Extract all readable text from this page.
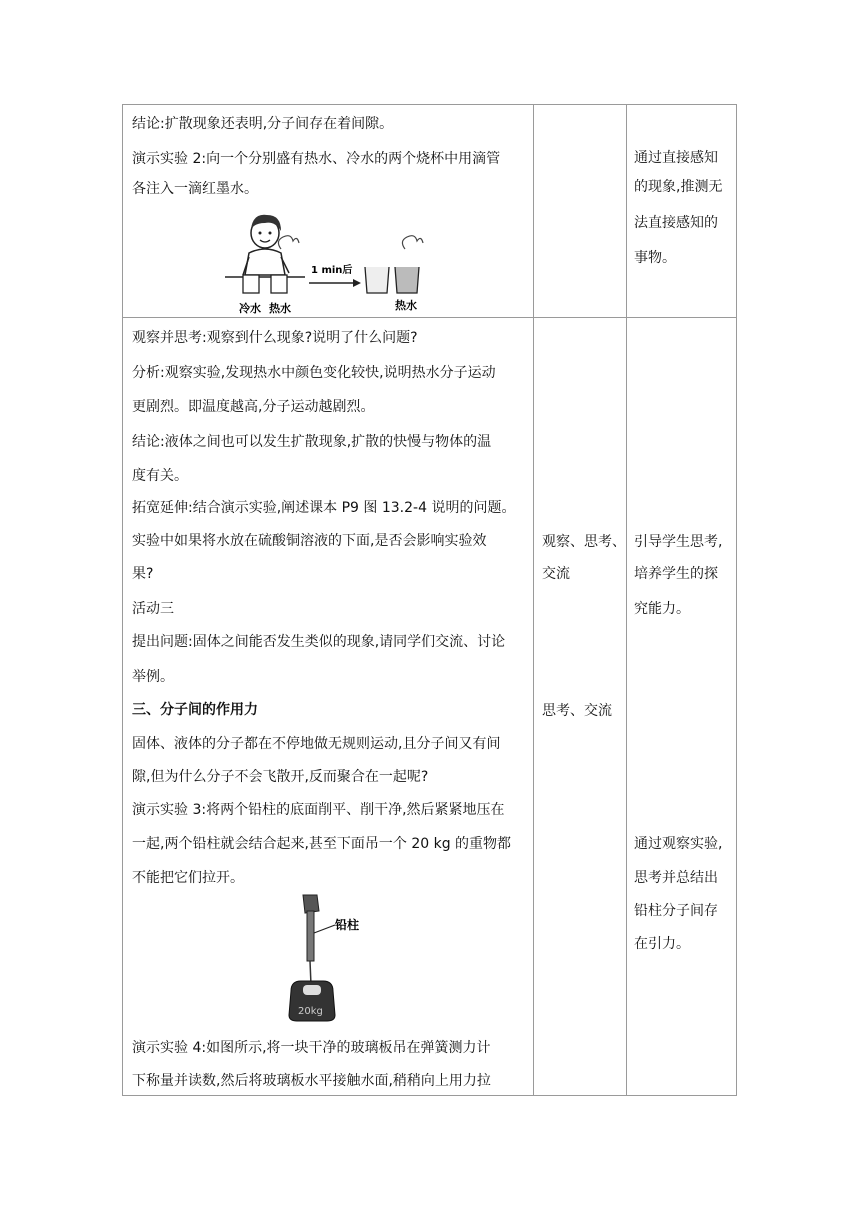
结论:扩散现象还表明,分子间存在着间隙。
演示实验 2:向一个分别盛有热水、冷水的两个烧杯中用滴管
各注入一滴红墨水。
冷水 热水
1 min后
热水
通过直接感知
的现象,推测无
法直接感知的
事物。
观察并思考:观察到什么现象?说明了什么问题?
分析:观察实验,发现热水中颜色变化较快,说明热水分子运动
更剧烈。即温度越高,分子运动越剧烈。
结论:液体之间也可以发生扩散现象,扩散的快慢与物体的温
度有关。
拓宽延伸:结合演示实验,阐述课本 P9 图 13.2-4 说明的问题。
实验中如果将水放在硫酸铜溶液的下面,是否会影响实验效
果?
活动三
提出问题:固体之间能否发生类似的现象,请同学们交流、讨论
举例。
三、分子间的作用力
固体、液体的分子都在不停地做无规则运动,且分子间又有间
隙,但为什么分子不会飞散开,反而聚合在一起呢?
演示实验 3:将两个铅柱的底面削平、削干净,然后紧紧地压在
一起,两个铅柱就会结合起来,甚至下面吊一个 20 kg 的重物都
不能把它们拉开。
铅柱
20kg
演示实验 4:如图所示,将一块干净的玻璃板吊在弹簧测力计
下称量并读数,然后将玻璃板水平接触水面,稍稍向上用力拉
观察、思考、
交流
思考、交流
引导学生思考,
培养学生的探
究能力。
通过观察实验,
思考并总结出
铅柱分子间存
在引力。
